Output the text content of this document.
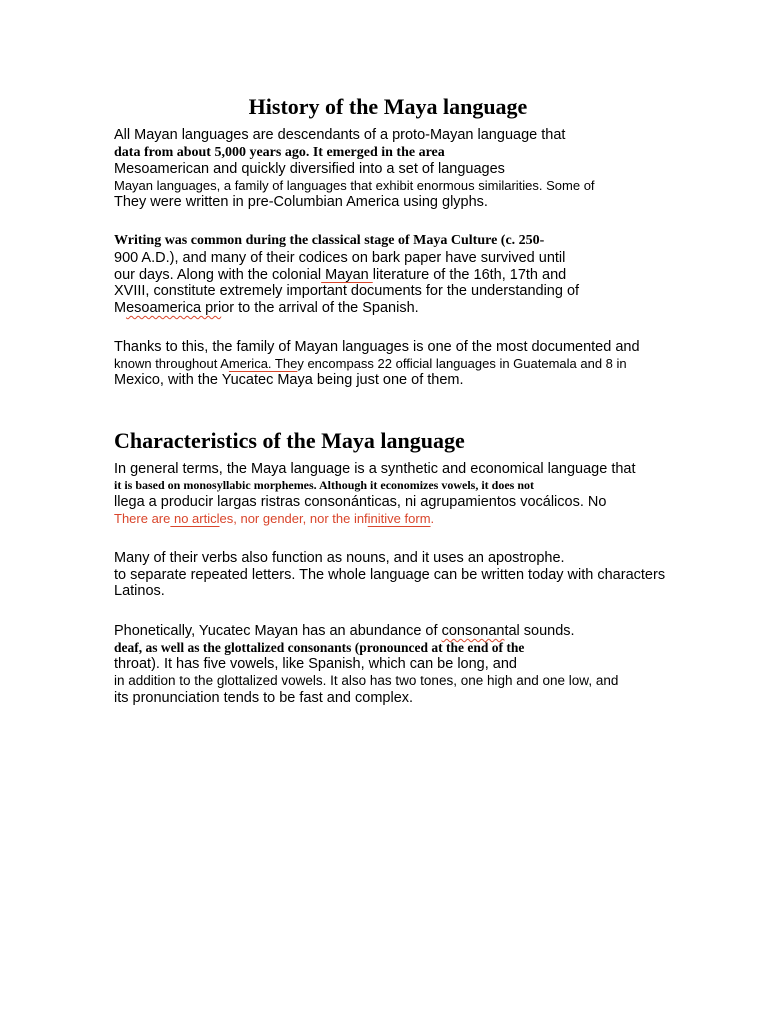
History of the Maya language
All Mayan languages are descendants of a proto-Mayan language that
data from about 5,000 years ago. It emerged in the area
Mesoamerican and quickly diversified into a set of languages
Mayan languages, a family of languages that exhibit enormous similarities. Some of
They were written in pre-Columbian America using glyphs.
Writing was common during the classical stage of Maya Culture (c. 250-
900 A.D.), and many of their codices on bark paper have survived until
our days. Along with the colonial Mayan literature of the 16th, 17th and
XVIII, constitute extremely important documents for the understanding of
Mesoamerica prior to the arrival of the Spanish.
Thanks to this, the family of Mayan languages is one of the most documented and
known throughout America. They encompass 22 official languages in Guatemala and 8 in
Mexico, with the Yucatec Maya being just one of them.
Characteristics of the Maya language
In general terms, the Maya language is a synthetic and economical language that
it is based on monosyllabic morphemes. Although it economizes vowels, it does not
llega a producir largas ristras consonánticas, ni agrupamientos vocálicos. No
There are no articles, nor gender, nor the infinitive form.
Many of their verbs also function as nouns, and it uses an apostrophe.
to separate repeated letters. The whole language can be written today with characters
Latinos.
Phonetically, Yucatec Mayan has an abundance of consonantal sounds.
deaf, as well as the glottalized consonants (pronounced at the end of the
throat). It has five vowels, like Spanish, which can be long, and
in addition to the glottalized vowels. It also has two tones, one high and one low, and
its pronunciation tends to be fast and complex.
